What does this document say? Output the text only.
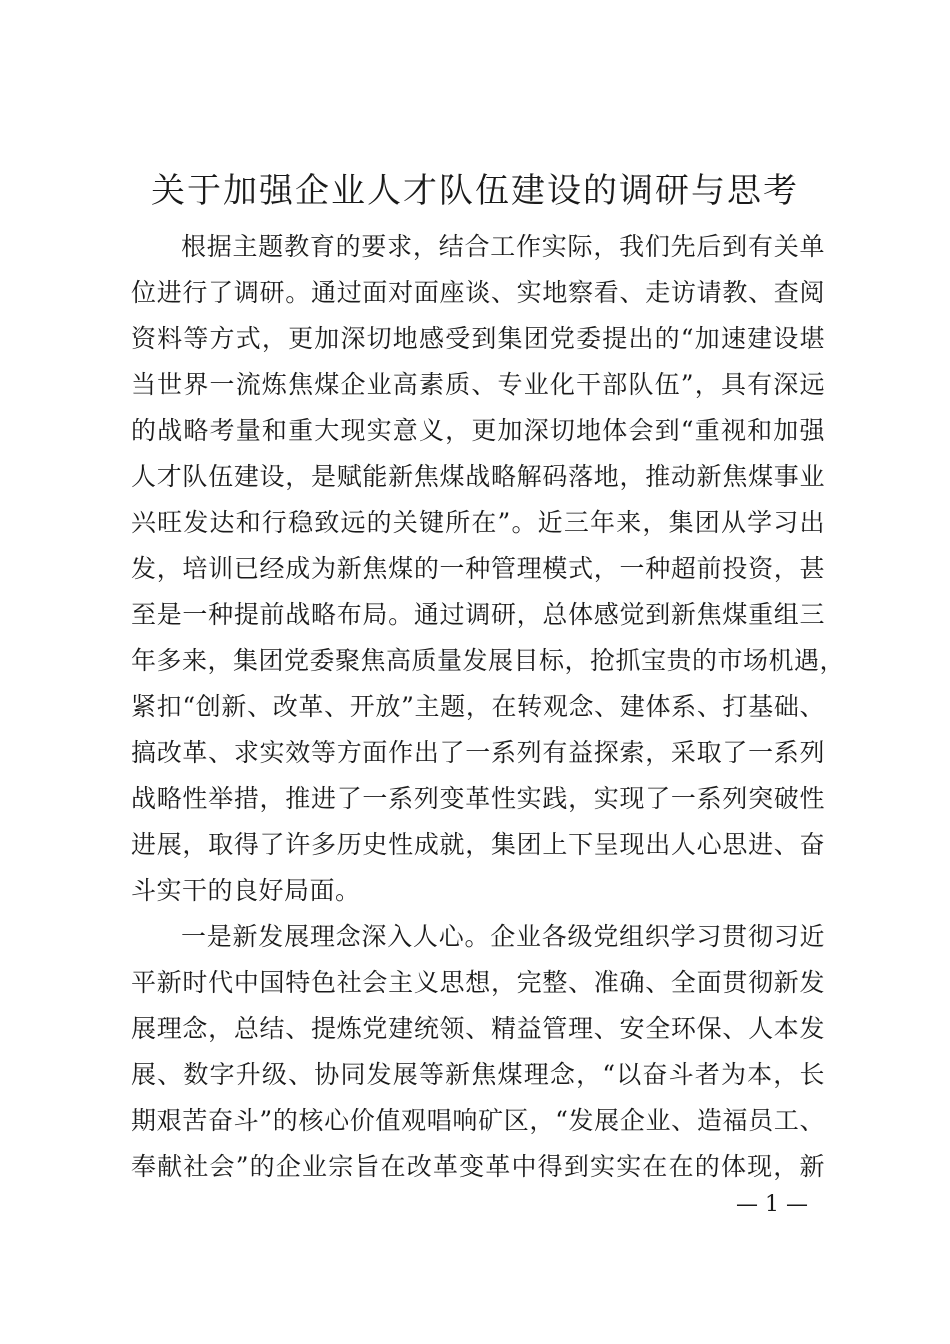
关于加强企业人才队伍建设的调研与思考
根据主题教育的要求，结合工作实际，我们先后到有关单
位进行了调研。通过面对面座谈、实地察看、走访请教、查阅
资料等方式，更加深切地感受到集团党委提出的“加速建设堪
当世界一流炼焦煤企业高素质、专业化干部队伍”，具有深远
的战略考量和重大现实意义，更加深切地体会到“重视和加强
人才队伍建设，是赋能新焦煤战略解码落地，推动新焦煤事业
兴旺发达和行稳致远的关键所在”。近三年来，集团从学习出
发，培训已经成为新焦煤的一种管理模式，一种超前投资，甚
至是一种提前战略布局。通过调研，总体感觉到新焦煤重组三
年多来，集团党委聚焦高质量发展目标，抢抓宝贵的市场机遇，
紧扣“创新、改革、开放”主题，在转观念、建体系、打基础、
搞改革、求实效等方面作出了一系列有益探索，采取了一系列
战略性举措，推进了一系列变革性实践，实现了一系列突破性
进展，取得了许多历史性成就，集团上下呈现出人心思进、奋
斗实干的良好局面。
一是新发展理念深入人心。企业各级党组织学习贯彻习近
平新时代中国特色社会主义思想，完整、准确、全面贯彻新发
展理念，总结、提炼党建统领、精益管理、安全环保、人本发
展、数字升级、协同发展等新焦煤理念，“以奋斗者为本，长
期艰苦奋斗”的核心价值观唱响矿区，“发展企业、造福员工、
奉献社会”的企业宗旨在改革变革中得到实实在在的体现，新
— 1 —
